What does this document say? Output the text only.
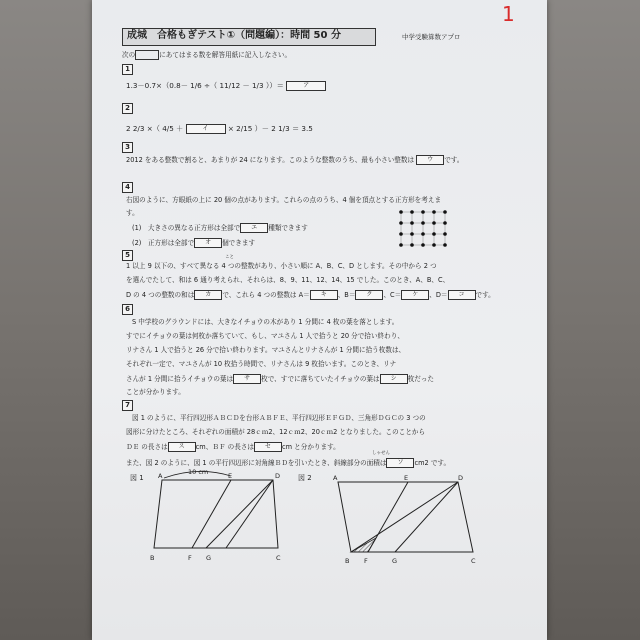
1
成城　合格もぎテスト①（問題編）：時間 50 分	中学受験算数アプロ
次の	にあてはまる数を解答用紙に記入しなさい。
1
1.3－0.7×（0.8－ 1/6 ÷（ 11/12 － 1/3 ））＝	ア
2
2 2/3 ×（ 4/5 ＋	イ	× 2/15 ）－ 2 1/3 ＝ 3.5
3
2012 をある整数で割ると、あまりが 24 になります。このような整数のうち、最も小さい整数は ウ です。
4
右図のように、方眼紙の上に 20 個の点があります。これらの点のうち、4 個を頂点とする正方形を考えま
す。
(1)　大きさの異なる正方形は全部で エ 種類できます
(2)　正方形は全部で オ 個できます
5	こと
1 以上 9 以下の、すべて異なる 4 つの整数があり、小さい順に A、B、C、D とします。その中から 2 つ
を選んでたして、和は 6 通り考えられ、それらは、8、9、11、12、14、15 でした。このとき、A、B、C、
D の 4 つの整数の和は カ で、これら 4 つの整数は A＝ キ 、B＝ ク 、C＝ ケ 、D＝ コ です。
6
S 中学校のグラウンドには、大きなイチョウの木があり 1 分間に 4 枚の葉を落とします。
すでにイチョウの葉は何枚か落ちていて、もし、マユさん 1 人で拾うと 20 分で拾い終わり、
リナさん 1 人で拾うと 26 分で拾い終わります。マユさんとリナさんが 1 分間に拾う枚数は、
それぞれ一定で、マユさんが 10 枚拾う時間で、リナさんは 9 枚拾います。このとき、リナ
さんが 1 分間に拾うイチョウの葉は サ 枚で、すでに落ちていたイチョウの葉は シ 枚だった
ことが分かります。
7
図 1 のように、平行四辺形ＡＢＣＤを台形ＡＢＦＥ、平行四辺形ＥＦＧＤ、三角形ＤＧＣの 3 つの
図形に分けたところ、それぞれの面積が 28ｃｍ2、12ｃｍ2、20ｃｍ2 となりました。このことから
ＤＥ の長さは ス cm、ＢＦ の長さは セ cm と分かります。
しゃせん
また、図 2 のように、図 1 の平行四辺形に対角線ＢＤを引いたとき、斜線部分の面積は ソ cm2 です。
図 1
10 cm
A	E	D
B	F G	C
図 2	A	E	D
B F	G	C
